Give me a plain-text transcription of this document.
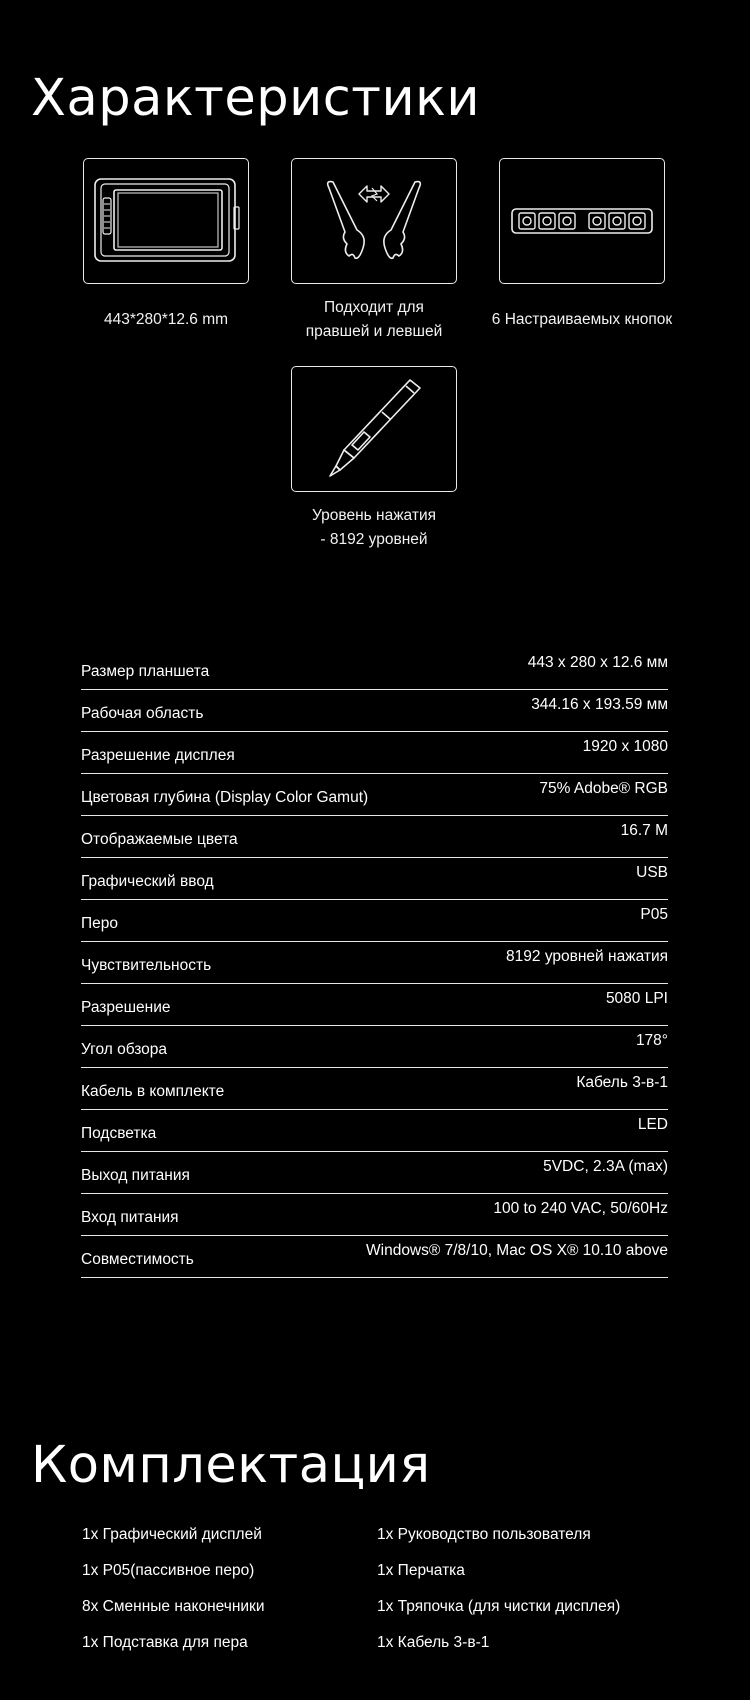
Характеристики
443*280*12.6 mm
Подходит для
правшей и левшей
6 Настраиваемых кнопок
Уровень нажатия
- 8192 уровней
Размер планшета
443 x 280 x 12.6 мм
Рабочая область
344.16 x 193.59 мм
Разрешение дисплея
1920 x 1080
Цветовая глубина (Display Color Gamut)
75% Adobe® RGB
Отображаемые цвета
16.7 M
Графический ввод
USB
Перо
P05
Чувствительность
8192 уровней нажатия
Разрешение
5080 LPI
Угол обзора
178°
Кабель в комплекте
Кабель 3-в-1
Подсветка
LED
Выход питания
5VDC, 2.3A (max)
Вход питания
100 to 240 VAC, 50/60Hz
Совместимость
Windows® 7/8/10, Mac OS X® 10.10 above
Комплектация
1x Графический дисплей
1x P05(пассивное перо)
8x Сменные наконечники
1x Подставка для пера
1x Руководство пользователя
1x Перчатка
1x Тряпочка (для чистки дисплея)
1x Кабель 3-в-1
